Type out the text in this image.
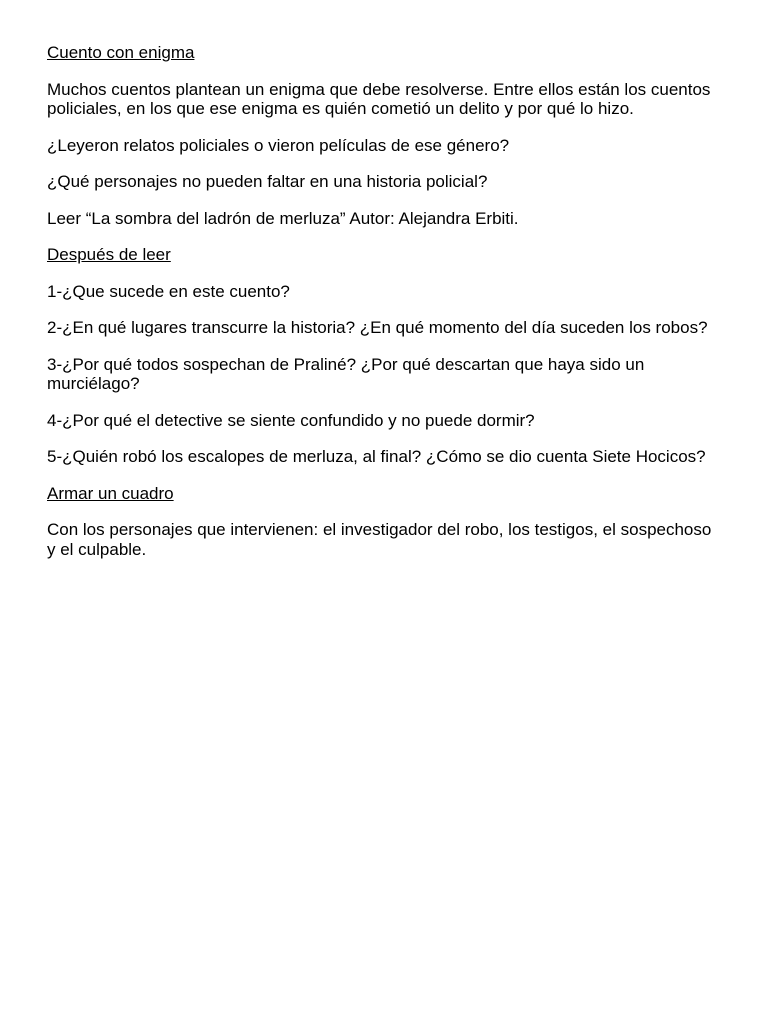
Cuento con enigma

Muchos cuentos plantean un enigma que debe resolverse. Entre ellos están los cuentos policiales, en los que ese enigma es quién cometió un delito y por qué lo hizo.

¿Leyeron relatos policiales o vieron películas de ese género?

¿Qué personajes no pueden faltar en una historia policial?

Leer “La sombra del ladrón de merluza” Autor: Alejandra Erbiti.

Después de leer

1-¿Que sucede en este cuento?

2-¿En qué lugares transcurre la historia? ¿En qué momento del día suceden los robos?

3-¿Por qué todos sospechan de Praliné? ¿Por qué descartan que haya sido un murciélago?

4-¿Por qué el detective se siente confundido y no puede dormir?

5-¿Quién robó los escalopes de merluza, al final? ¿Cómo se dio cuenta Siete Hocicos?

Armar un cuadro

Con los personajes que intervienen: el investigador del robo, los testigos, el sospechoso y el culpable.
